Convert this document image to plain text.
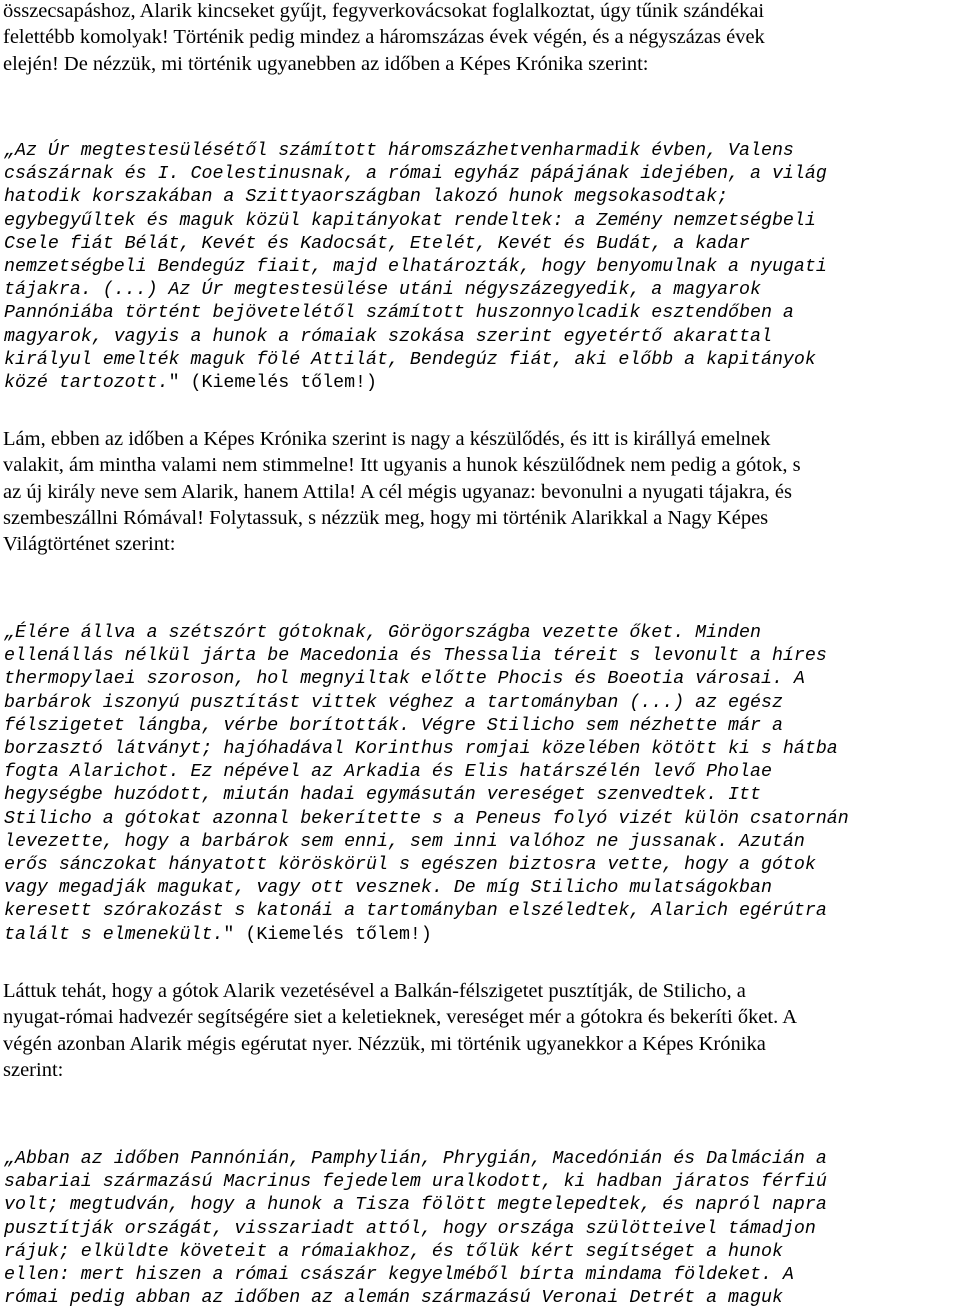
összecsapáshoz, Alarik kincseket gyűjt, fegyverkovácsokat foglalkoztat, úgy tűnik szándékai
felettébb komolyak! Történik pedig mindez a háromszázas évek végén, és a négyszázas évek
elején! De nézzük, mi történik ugyanebben az időben a Képes Krónika szerint:

„Az Úr megtestesülésétől számított háromszázhetvenharmadik évben, Valens
császárnak és I. Coelestinusnak, a római egyház pápájának idejében, a világ
hatodik korszakában a Szittyaországban lakozó hunok megsokasodtak;
egybegyűltek és maguk közül kapitányokat rendeltek: a Zemény nemzetségbeli
Csele fiát Bélát, Kevét és Kadocsát, Etelét, Kevét és Budát, a kadar
nemzetségbeli Bendegúz fiait, majd elhatározták, hogy benyomulnak a nyugati
tájakra. (...) Az Úr megtestesülése utáni négyszázegyedik, a magyarok
Pannóniába történt bejövetelétől számított huszonnyolcadik esztendőben a
magyarok, vagyis a hunok a rómaiak szokása szerint egyetértő akarattal
királyul emelték maguk fölé Attilát, Bendegúz fiát, aki előbb a kapitányok
közé tartozott." (Kiemelés tőlem!)

Lám, ebben az időben a Képes Krónika szerint is nagy a készülődés, és itt is királlyá emelnek
valakit, ám mintha valami nem stimmelne! Itt ugyanis a hunok készülődnek nem pedig a gótok, s
az új király neve sem Alarik, hanem Attila! A cél mégis ugyanaz: bevonulni a nyugati tájakra, és
szembeszállni Rómával! Folytassuk, s nézzük meg, hogy mi történik Alarikkal a Nagy Képes
Világtörténet szerint:

„Élére állva a szétszórt gótoknak, Görögországba vezette őket. Minden
ellenállás nélkül járta be Macedonia és Thessalia téreit s levonult a híres
thermopylaei szoroson, hol megnyiltak előtte Phocis és Boeotia városai. A
barbárok iszonyú pusztítást vittek véghez a tartományban (...) az egész
félszigetet lángba, vérbe borították. Végre Stilicho sem nézhette már a
borzasztó látványt; hajóhadával Korinthus romjai közelében kötött ki s hátba
fogta Alarichot. Ez népével az Arkadia és Elis határszélén levő Pholae
hegységbe huzódott, miután hadai egymásután vereséget szenvedtek. Itt
Stilicho a gótokat azonnal bekerítette s a Peneus folyó vizét külön csatornán
levezette, hogy a barbárok sem enni, sem inni valóhoz ne jussanak. Azután
erős sánczokat hányatott köröskörül s egészen biztosra vette, hogy a gótok
vagy megadják magukat, vagy ott vesznek. De míg Stilicho mulatságokban
keresett szórakozást s katonái a tartományban elszéledtek, Alarich egérútra
talált s elmenekült." (Kiemelés tőlem!)

Láttuk tehát, hogy a gótok Alarik vezetésével a Balkán-félszigetet pusztítják, de Stilicho, a
nyugat-római hadvezér segítségére siet a keletieknek, vereséget mér a gótokra és bekeríti őket. A
végén azonban Alarik mégis egérutat nyer. Nézzük, mi történik ugyanekkor a Képes Krónika
szerint:

„Abban az időben Pannónián, Pamphylián, Phrygián, Macedónián és Dalmácián a
sabariai származású Macrinus fejedelem uralkodott, ki hadban járatos férfiú
volt; megtudván, hogy a hunok a Tisza fölött megtelepedtek, és napról napra
pusztítják országát, visszariadt attól, hogy országa szülötteivel támadjon
rájuk; elküldte követeit a rómaiakhoz, és tőlük kért segítséget a hunok
ellen: mert hiszen a római császár kegyelméből bírta mindama földeket. A
római pedig abban az időben az alemán származású Veronai Detrét a maguk
